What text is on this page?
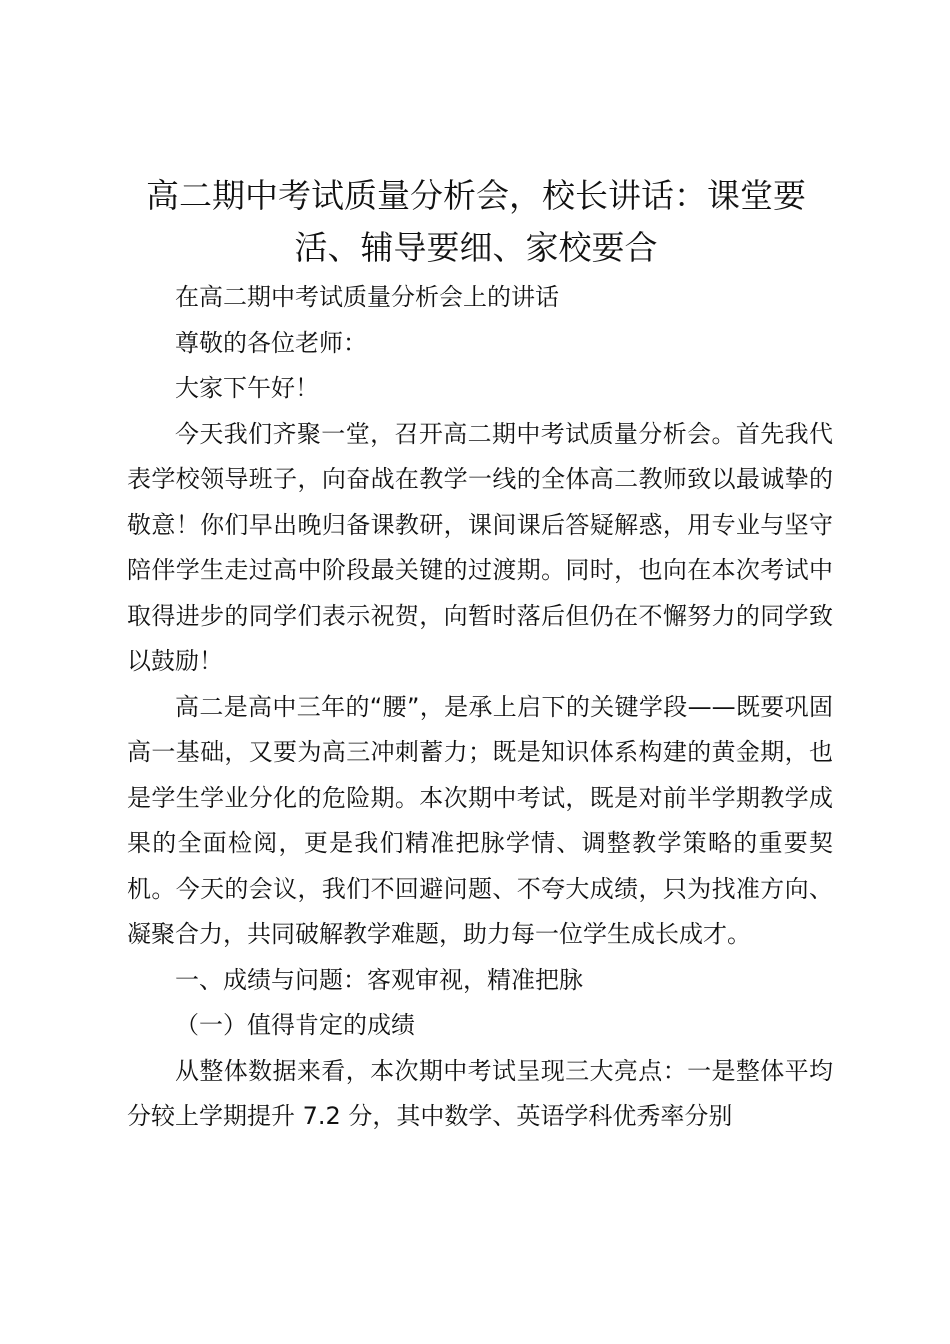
高二期中考试质量分析会，校长讲话：课堂要活、辅导要细、家校要合

在高二期中考试质量分析会上的讲话

尊敬的各位老师：

大家下午好！

今天我们齐聚一堂，召开高二期中考试质量分析会。首先我代表学校领导班子，向奋战在教学一线的全体高二教师致以最诚挚的敬意！你们早出晚归备课教研，课间课后答疑解惑，用专业与坚守陪伴学生走过高中阶段最关键的过渡期。同时，也向在本次考试中取得进步的同学们表示祝贺，向暂时落后但仍在不懈努力的同学致以鼓励！

高二是高中三年的“腰”，是承上启下的关键学段——既要巩固高一基础，又要为高三冲刺蓄力；既是知识体系构建的黄金期，也是学生学业分化的危险期。本次期中考试，既是对前半学期教学成果的全面检阅，更是我们精准把脉学情、调整教学策略的重要契机。今天的会议，我们不回避问题、不夸大成绩，只为找准方向、凝聚合力，共同破解教学难题，助力每一位学生成长成才。

一、成绩与问题：客观审视，精准把脉

（一）值得肯定的成绩

从整体数据来看，本次期中考试呈现三大亮点：一是整体平均分较上学期提升 7.2 分，其中数学、英语学科优秀率分别
